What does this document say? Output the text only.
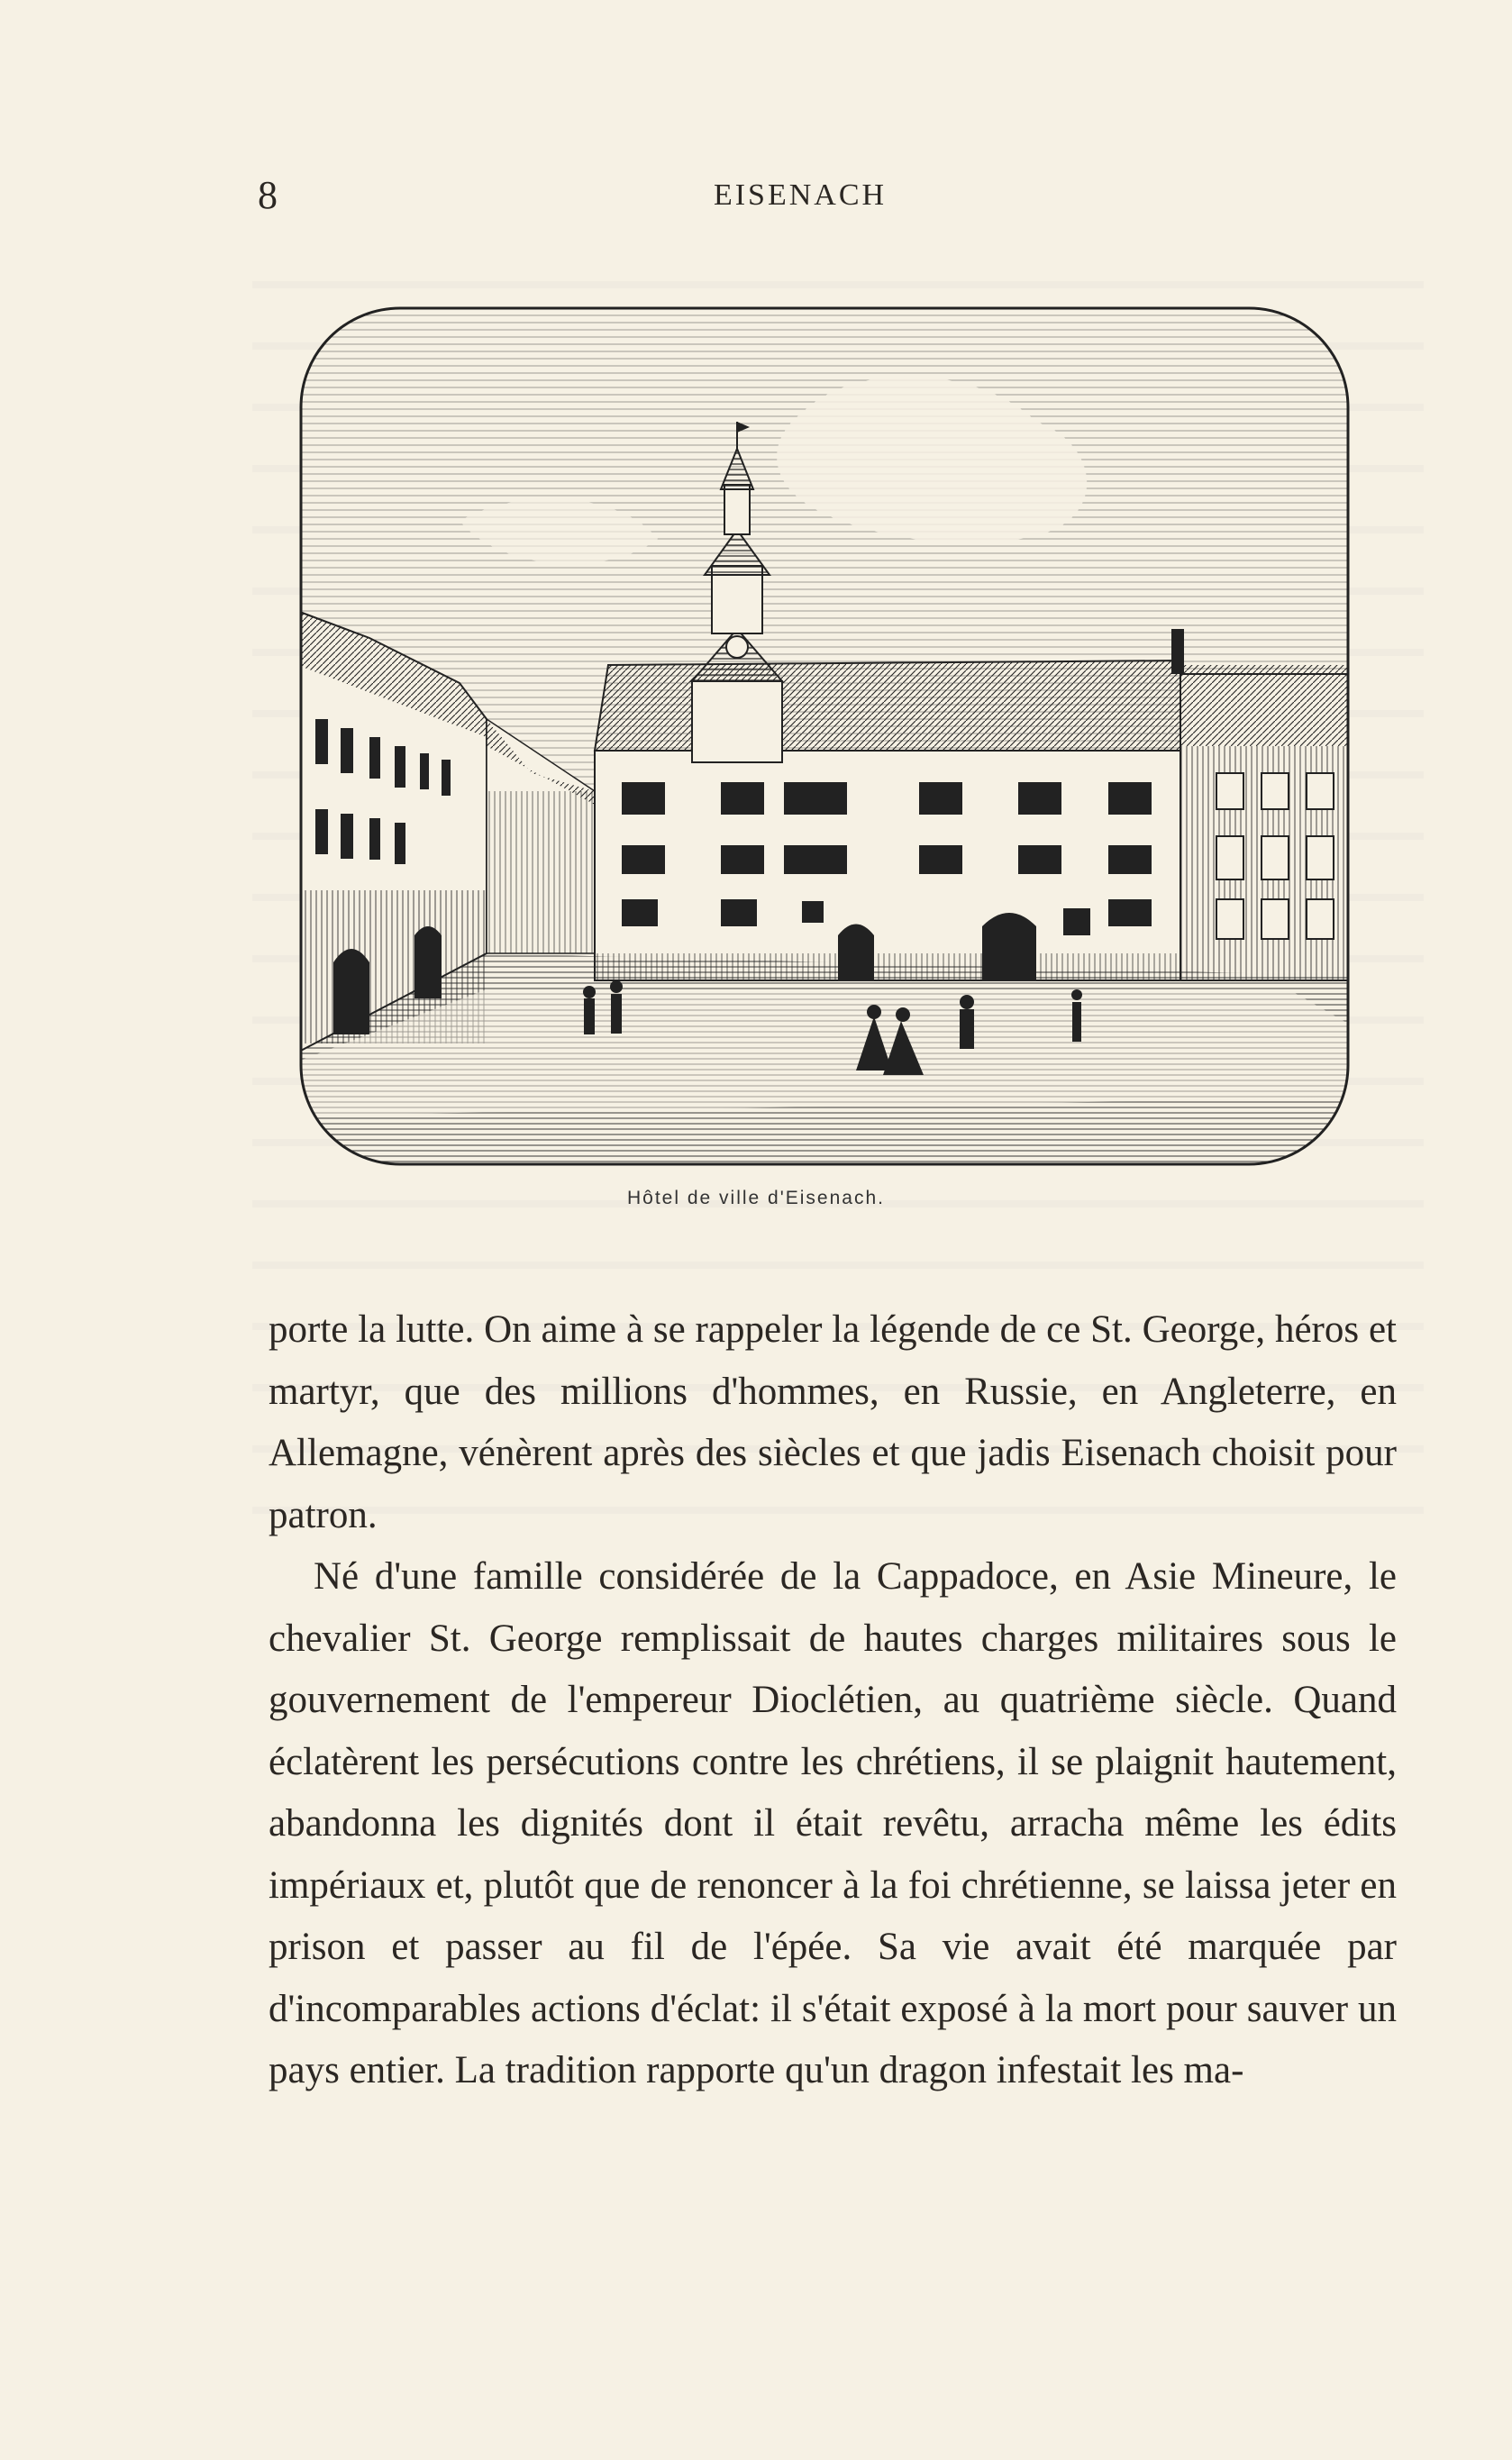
8	EISENACH
Hôtel de ville d'Eisenach.

porte la lutte. On aime à se rappeler la légende de ce St. George, héros et martyr, que des millions d'hommes, en Russie, en Angleterre, en Allemagne, vénèrent après des siècles et que jadis Eisenach choisit pour patron.

Né d'une famille considérée de la Cappadoce, en Asie Mineure, le chevalier St. George remplissait de hautes charges militaires sous le gouvernement de l'empereur Dioclétien, au quatrième siècle. Quand éclatèrent les persécutions contre les chrétiens, il se plaignit hautement, abandonna les dignités dont il était revêtu, arracha même les édits impériaux et, plutôt que de renoncer à la foi chrétienne, se laissa jeter en prison et passer au fil de l'épée. Sa vie avait été marquée par d'incomparables actions d'éclat: il s'était exposé à la mort pour sauver un pays entier. La tradition rapporte qu'un dragon infestait les ma-
